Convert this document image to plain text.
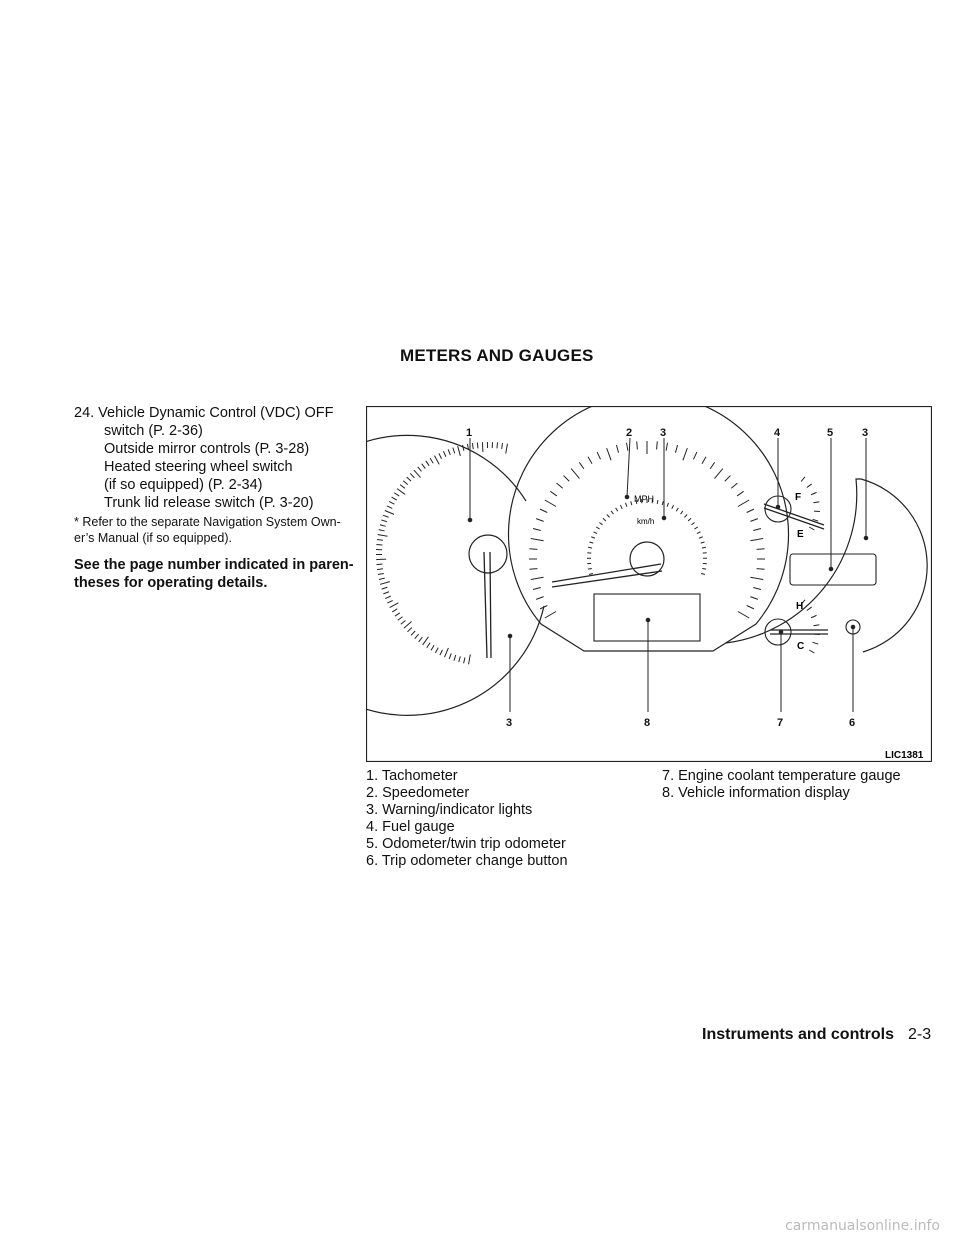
METERS AND GAUGES
24. Vehicle Dynamic Control (VDC) OFF
switch (P. 2-36)
Outside mirror controls (P. 3-28)
Heated steering wheel switch
(if so equipped) (P. 2-34)
Trunk lid release switch (P. 3-20)
* Refer to the separate Navigation System Own-
er’s Manual (if so equipped).
See the page number indicated in paren-
theses for operating details.
MPH
km/h
F
E
H
C
1	2	3	4	5	3
3	8	7	6
LIC1381
1. Tachometer
2. Speedometer
3. Warning/indicator lights
4. Fuel gauge
5. Odometer/twin trip odometer
6. Trip odometer change button
7. Engine coolant temperature gauge
8. Vehicle information display
Instruments and controls 2-3
carmanualsonline.info
